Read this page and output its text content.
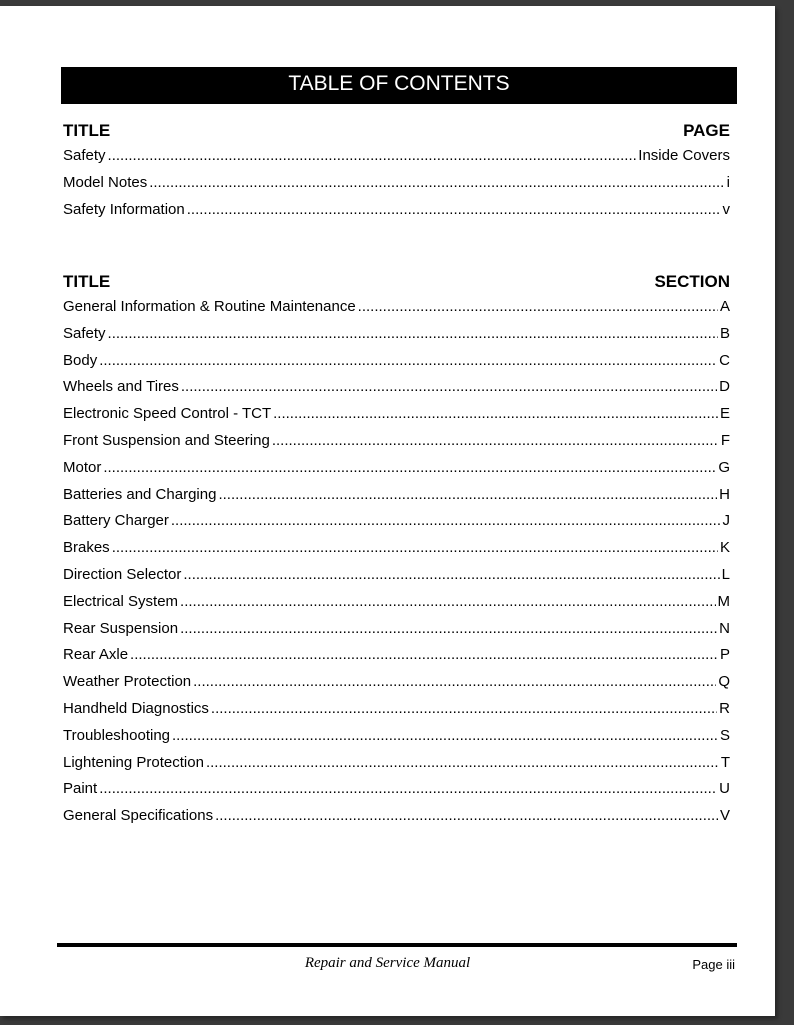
TABLE OF CONTENTS
TITLE	PAGE
Safety .....	Inside Covers
Model Notes .....	i
Safety Information .....	v
TITLE	SECTION
General Information & Routine Maintenance .....	A
Safety .....	B
Body .....	C
Wheels and Tires .....	D
Electronic Speed Control - TCT .....	E
Front Suspension and Steering .....	F
Motor .....	G
Batteries and Charging .....	H
Battery Charger .....	J
Brakes .....	K
Direction Selector .....	L
Electrical System .....	M
Rear Suspension .....	N
Rear Axle .....	P
Weather Protection .....	Q
Handheld Diagnostics .....	R
Troubleshooting .....	S
Lightening Protection .....	T
Paint .....	U
General Specifications .....	V
Repair and Service Manual	Page iii
